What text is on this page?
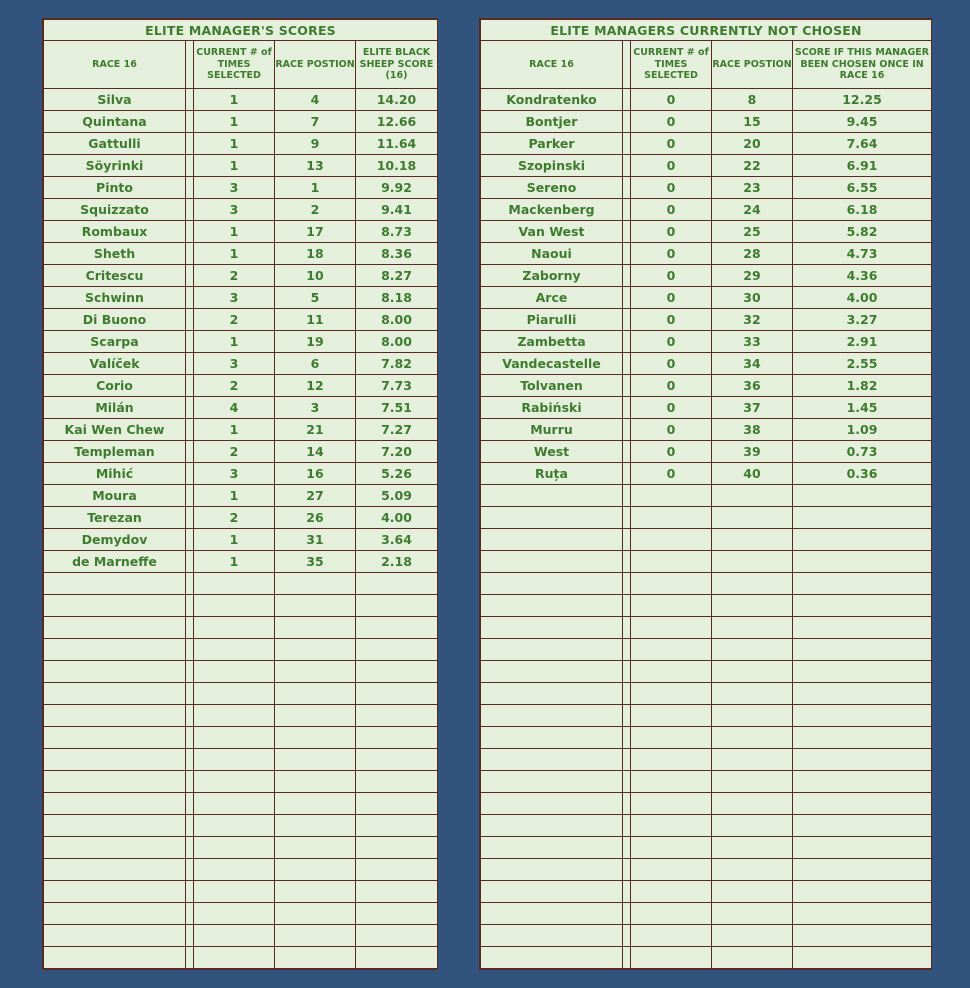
ELITE MANAGER'S SCORES				
RACE 16		CURRENT # of TIMES SELECTED	RACE POSTION	ELITE BLACK SHEEP SCORE (16)
Silva		1	4	14.20
Quintana		1	7	12.66
Gattulli		1	9	11.64
Söyrinki		1	13	10.18
Pinto		3	1	9.92
Squizzato		3	2	9.41
Rombaux		1	17	8.73
Sheth		1	18	8.36
Critescu		2	10	8.27
Schwinn		3	5	8.18
Di Buono		2	11	8.00
Scarpa		1	19	8.00
Valíček		3	6	7.82
Corio		2	12	7.73
Milán		4	3	7.51
Kai Wen Chew		1	21	7.27
Templeman		2	14	7.20
Mihić		3	16	5.26
Moura		1	27	5.09
Terezan		2	26	4.00
Demydov		1	31	3.64
de Marneffe		1	35	2.18

ELITE MANAGERS CURRENTLY NOT CHOSEN				
RACE 16		CURRENT # of TIMES SELECTED	RACE POSTION	SCORE IF THIS MANAGER BEEN CHOSEN ONCE IN RACE 16
Kondratenko		0	8	12.25
Bontjer		0	15	9.45
Parker		0	20	7.64
Szopinski		0	22	6.91
Sereno		0	23	6.55
Mackenberg		0	24	6.18
Van West		0	25	5.82
Naoui		0	28	4.73
Zaborny		0	29	4.36
Arce		0	30	4.00
Piarulli		0	32	3.27
Zambetta		0	33	2.91
Vandecastelle		0	34	2.55
Tolvanen		0	36	1.82
Rabiński		0	37	1.45
Murru		0	38	1.09
West		0	39	0.73
Ruța		0	40	0.36
